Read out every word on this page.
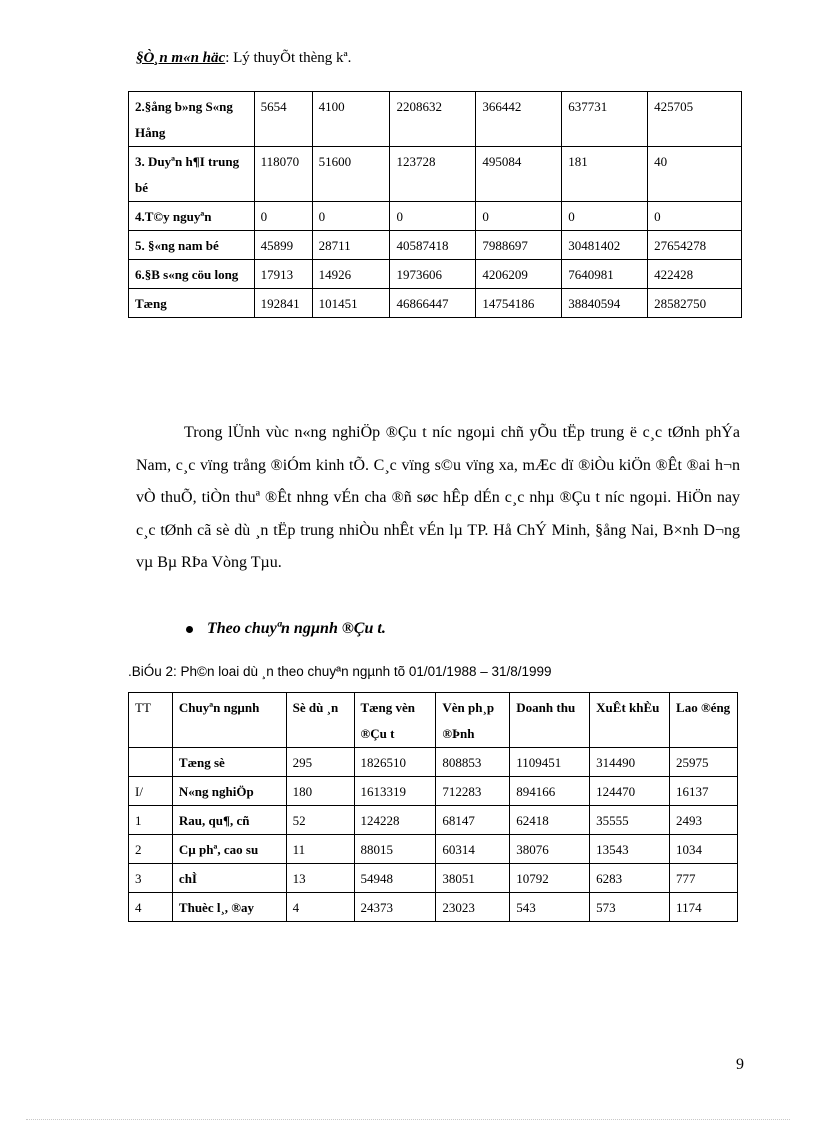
§Ò¸n m«n häc: Lý thuyÕt thèng kª.
2.§ång b»ng S«ng Hång	5654	4100	2208632	366442	637731	425705
3. Duyªn h¶I trung bé	118070	51600	123728	495084	181	40
4.T©y nguyªn	0	0	0	0	0	0
5. §«ng nam bé	45899	28711	40587418	7988697	30481402	27654278
6.§B s«ng cöu long	17913	14926	1973606	4206209	7640981	422428
Tæng	192841	101451	46866447	14754186	38840594	28582750
Trong lÜnh vùc n«ng nghiÖp ®Çu t níc ngoµi chñ yÕu tËp trung ë c¸c tØnh phÝa Nam, c¸c vïng trång ®iÓm kinh tÕ. C¸c vïng s©u vïng xa, mÆc dï ®iÒu kiÖn ®Êt ®ai h¬n vÒ thuÕ, tiÒn thuª ®Êt nhng vÉn cha ®ñ søc hÊp dÉn c¸c nhµ ®Çu t níc ngoµi. HiÖn nay c¸c tØnh cã sè dù ¸n tËp trung nhiÒu nhÊt vÉn lµ TP. Hå ChÝ Minh, §ång Nai, B×nh D¬ng vµ Bµ RÞa Vòng Tµu.
Theo chuyªn ngµnh ®Çu t.
.BiÓu 2: Ph©n loai dù ¸n theo chuyªn ngµnh tõ 01/01/1988 – 31/8/1999
TT	Chuyªn ngµnh	Sè dù ¸n	Tæng vèn ®Çu t	Vèn ph¸p ®Þnh	Doanh thu	XuÊt khÈu	Lao ®éng
	Tæng sè	295	1826510	808853	1109451	314490	25975
I/	N«ng nghiÖp	180	1613319	712283	894166	124470	16137
1	Rau, qu¶, cñ	52	124228	68147	62418	35555	2493
2	Cµ phª, cao su	11	88015	60314	38076	13543	1034
3	chÌ	13	54948	38051	10792	6283	777
4	Thuèc l¸, ®ay	4	24373	23023	543	573	1174
9
